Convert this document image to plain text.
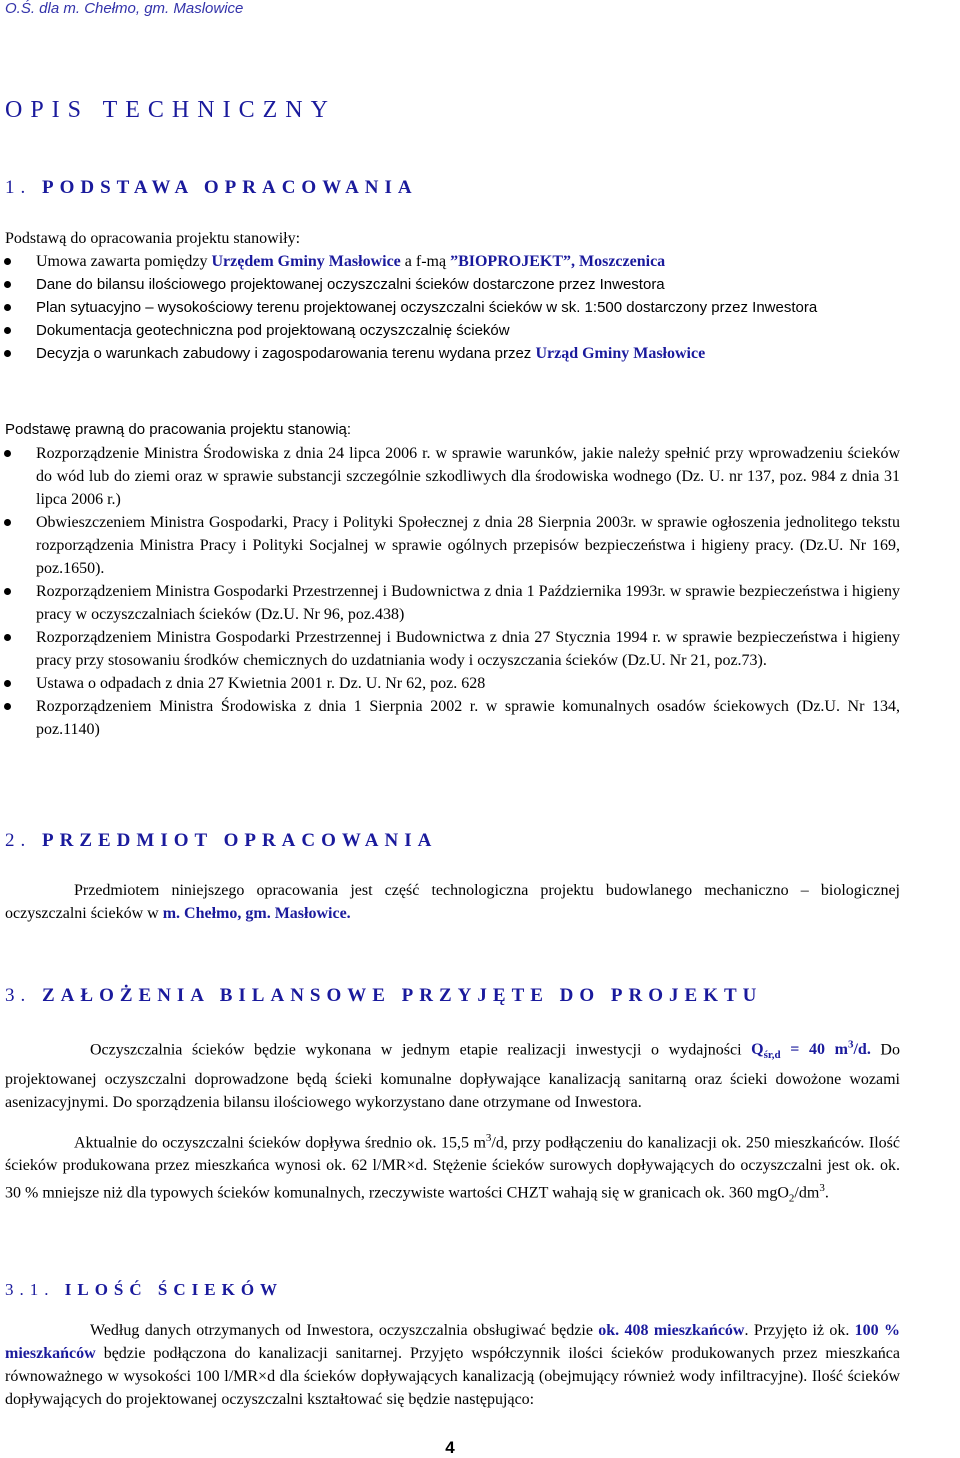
O.Ś. dla m. Chełmo, gm. Maslowice
OPIS TECHNICZNY
1. PODSTAWA OPRACOWANIA
Podstawą do opracowania projektu stanowiły:
Umowa zawarta pomiędzy Urzędem Gminy Masłowice a f-mą ”BIOPROJEKT”, Moszczenica
Dane do bilansu ilościowego projektowanej oczyszczalni ścieków dostarczone przez Inwestora
Plan sytuacyjno – wysokościowy terenu projektowanej oczyszczalni ścieków w sk. 1:500 dostarczony przez Inwestora
Dokumentacja geotechniczna pod projektowaną oczyszczalnię ścieków
Decyzja o warunkach zabudowy i zagospodarowania terenu wydana przez Urząd Gminy Masłowice
Podstawę prawną do pracowania projektu stanowią:
Rozporządzenie Ministra Środowiska z dnia 24 lipca 2006 r. w sprawie warunków, jakie należy spełnić przy wprowadzeniu ścieków do wód lub do ziemi oraz w sprawie substancji szczególnie szkodliwych dla środowiska wodnego (Dz. U. nr 137, poz. 984 z dnia 31 lipca 2006 r.)
Obwieszczeniem Ministra Gospodarki, Pracy i Polityki Społecznej z dnia 28 Sierpnia 2003r. w sprawie ogłoszenia jednolitego tekstu rozporządzenia Ministra Pracy i Polityki Socjalnej w sprawie ogólnych przepisów bezpieczeństwa i higieny pracy. (Dz.U. Nr 169, poz.1650).
Rozporządzeniem Ministra Gospodarki Przestrzennej i Budownictwa z dnia 1 Października 1993r. w sprawie bezpieczeństwa i higieny pracy w oczyszczalniach ścieków (Dz.U. Nr 96, poz.438)
Rozporządzeniem Ministra Gospodarki Przestrzennej i Budownictwa z dnia 27 Stycznia 1994 r. w sprawie bezpieczeństwa i higieny pracy przy stosowaniu środków chemicznych do uzdatniania wody i oczyszczania ścieków (Dz.U. Nr 21, poz.73).
Ustawa o odpadach z dnia 27 Kwietnia 2001 r. Dz. U. Nr 62, poz. 628
Rozporządzeniem Ministra Środowiska z dnia 1 Sierpnia 2002 r. w sprawie komunalnych osadów ściekowych (Dz.U. Nr 134, poz.1140)
2. PRZEDMIOT OPRACOWANIA
Przedmiotem niniejszego opracowania jest część technologiczna projektu budowlanego mechaniczno – biologicznej oczyszczalni ścieków w m. Chełmo, gm. Masłowice.
3. ZAŁOŻENIA BILANSOWE PRZYJĘTE DO PROJEKTU
Oczyszczalnia ścieków będzie wykonana w jednym etapie realizacji inwestycji o wydajności $Q_{śr,d} = 40$ $m^3/d$. Do projektowanej oczyszczalni doprowadzone będą ścieki komunalne dopływające kanalizacją sanitarną oraz ścieki dowożone wozami asenizacyjnymi. Do sporządzenia bilansu ilościowego wykorzystano dane otrzymane od Inwestora.
Aktualnie do oczyszczalni ścieków dopływa średnio ok. 15,5 $m^3/d$, przy podłączeniu do kanalizacji ok. 250 mieszkańców. Ilość ścieków produkowana przez mieszkańca wynosi ok. 62 l/MR×d. Stężenie ścieków surowych dopływających do oczyszczalni jest ok. ok. 30 % mniejsze niż dla typowych ścieków komunalnych, rzeczywiste wartości CHZT wahają się w granicach ok. 360 $mgO_2/dm^3$.
3.1. ILOŚĆ ŚCIEKÓW
Według danych otrzymanych od Inwestora, oczyszczalnia obsługiwać będzie ok. 408 mieszkańców. Przyjęto iż ok. 100 % mieszkańców będzie podłączona do kanalizacji sanitarnej. Przyjęto współczynnik ilości ścieków produkowanych przez mieszkańca równoważnego w wysokości 100 l/MR×d dla ścieków dopływających kanalizacją (obejmujący również wody infiltracyjne). Ilość ścieków dopływających do projektowanej oczyszczalni kształtować się będzie następująco:
4
